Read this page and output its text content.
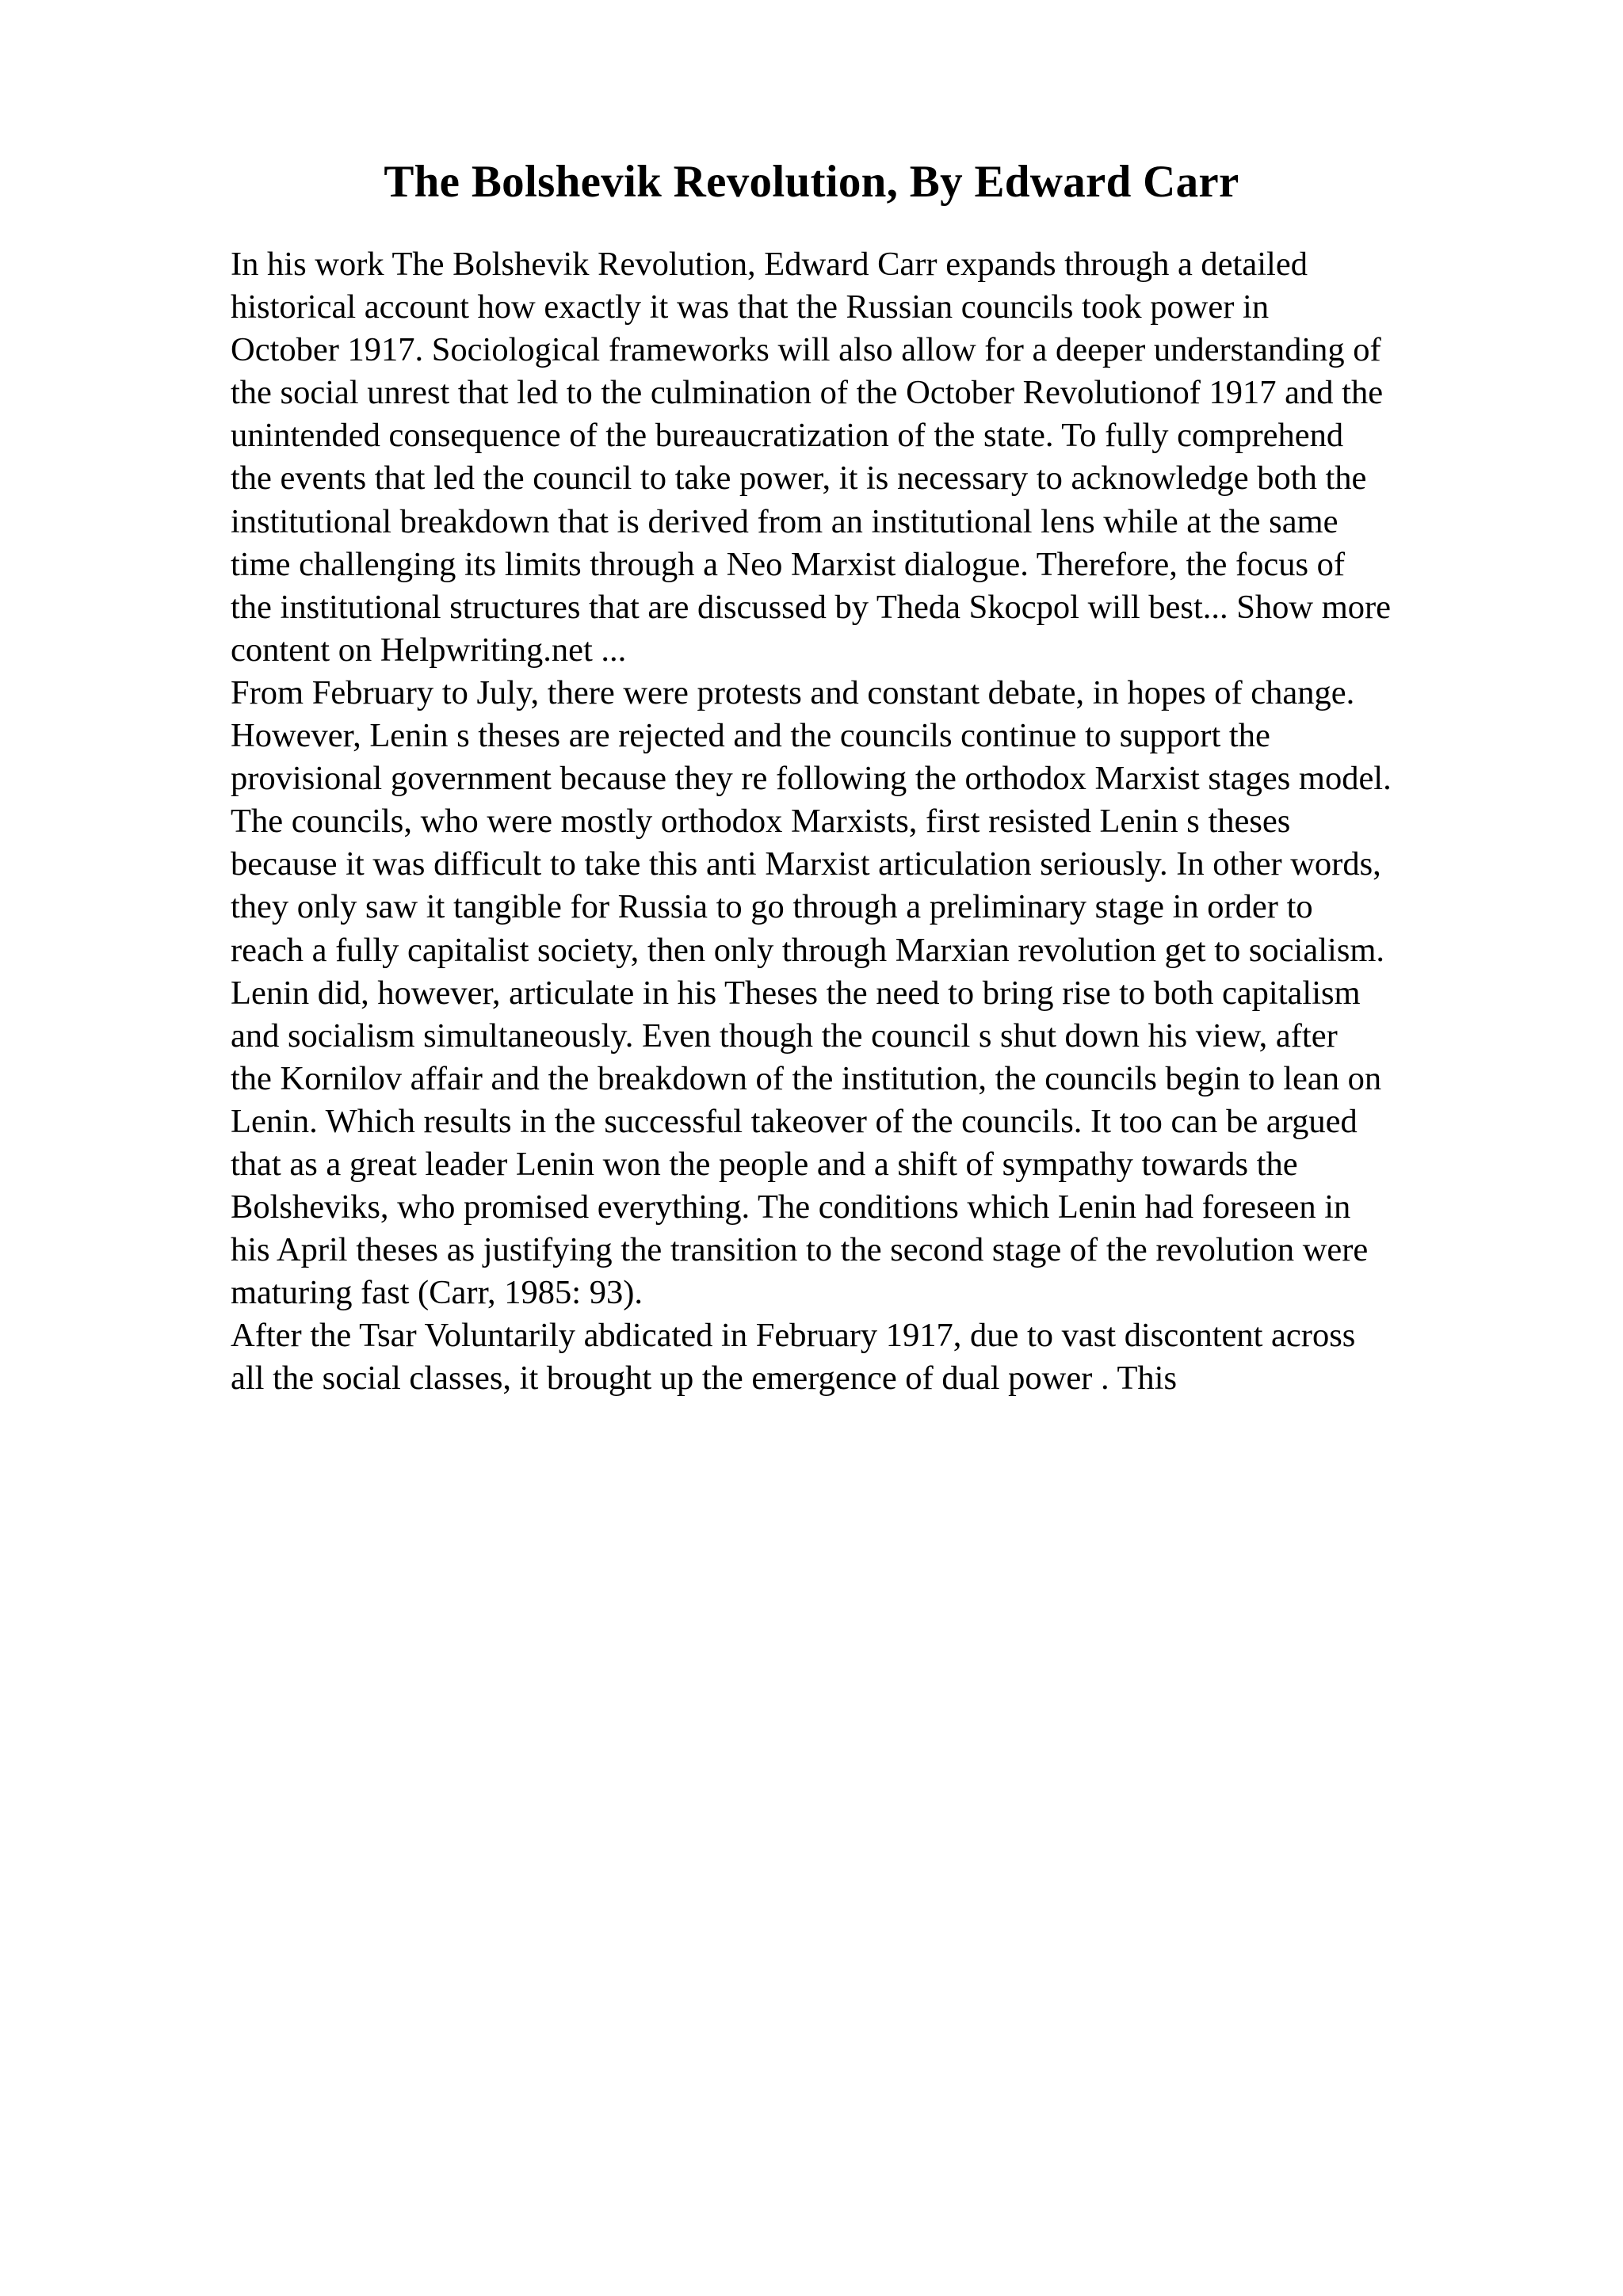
The Bolshevik Revolution, By Edward Carr
In his work The Bolshevik Revolution, Edward Carr expands through a detailed
historical account how exactly it was that the Russian councils took power in
October 1917. Sociological frameworks will also allow for a deeper understanding of
the social unrest that led to the culmination of the October Revolutionof 1917 and the
unintended consequence of the bureaucratization of the state. To fully comprehend
the events that led the council to take power, it is necessary to acknowledge both the
institutional breakdown that is derived from an institutional lens while at the same
time challenging its limits through a Neo Marxist dialogue. Therefore, the focus of
the institutional structures that are discussed by Theda Skocpol will best... Show more
content on Helpwriting.net ...
From February to July, there were protests and constant debate, in hopes of change.
However, Lenin s theses are rejected and the councils continue to support the
provisional government because they re following the orthodox Marxist stages model.
The councils, who were mostly orthodox Marxists, first resisted Lenin s theses
because it was difficult to take this anti Marxist articulation seriously. In other words,
they only saw it tangible for Russia to go through a preliminary stage in order to
reach a fully capitalist society, then only through Marxian revolution get to socialism.
Lenin did, however, articulate in his Theses the need to bring rise to both capitalism
and socialism simultaneously. Even though the council s shut down his view, after
the Kornilov affair and the breakdown of the institution, the councils begin to lean on
Lenin. Which results in the successful takeover of the councils. It too can be argued
that as a great leader Lenin won the people and a shift of sympathy towards the
Bolsheviks, who promised everything. The conditions which Lenin had foreseen in
his April theses as justifying the transition to the second stage of the revolution were
maturing fast (Carr, 1985: 93).
After the Tsar Voluntarily abdicated in February 1917, due to vast discontent across
all the social classes, it brought up the emergence of dual power . This
